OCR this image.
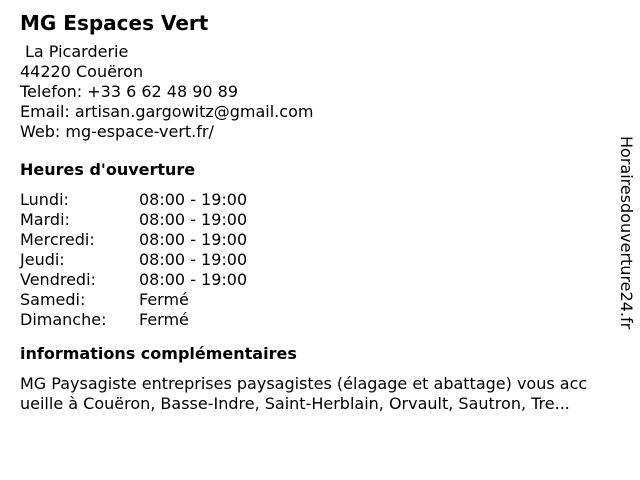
MG Espaces Vert
La Picarderie
44220 Couëron
Telefon: +33 6 62 48 90 89
Email: artisan.gargowitz@gmail.com
Web: mg-espace-vert.fr/
Heures d'ouverture
Lundi:	08:00 - 19:00
Mardi:	08:00 - 19:00
Mercredi:	08:00 - 19:00
Jeudi:	08:00 - 19:00
Vendredi:	08:00 - 19:00
Samedi:	Fermé
Dimanche:	Fermé
informations complémentaires
MG Paysagiste entreprises paysagistes (élagage et abattage) vous acc
ueille à Couëron, Basse-Indre, Saint-Herblain, Orvault, Sautron, Tre...
Horairesdouverture24.fr
